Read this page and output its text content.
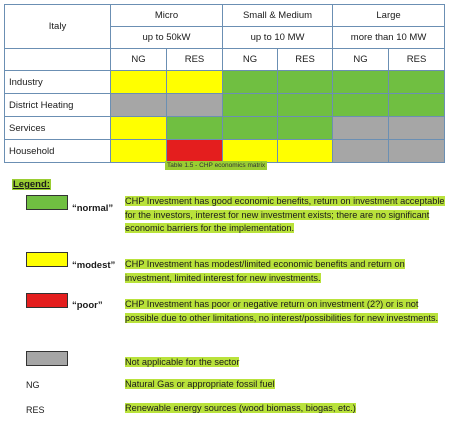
Italy	Micro		Small & Medium		Large	
	up to 50kW		up to 10 MW		more than 10 MW	
	NG	RES	NG	RES	NG	RES
Industry						
District Heating						
Services						
Household						
Table 1.5 - CHP economics matrix
Legend:
“normal”
CHP Investment has good economic benefits, return on investment acceptable for the investors, interest for new investment exists; there are no significant economic barriers for the implementation.
“modest” CHP Investment has modest/limited economic benefits and return on investment, limited interest for new investments.
“poor” CHP Investment has poor or negative return on investment (2?) or is not possible due to other limitations, no interest/possibilities for new investments.
Not applicable for the sector
NG	Natural Gas or appropriate fossil fuel
RES	Renewable energy sources (wood biomass, biogas, etc.)
